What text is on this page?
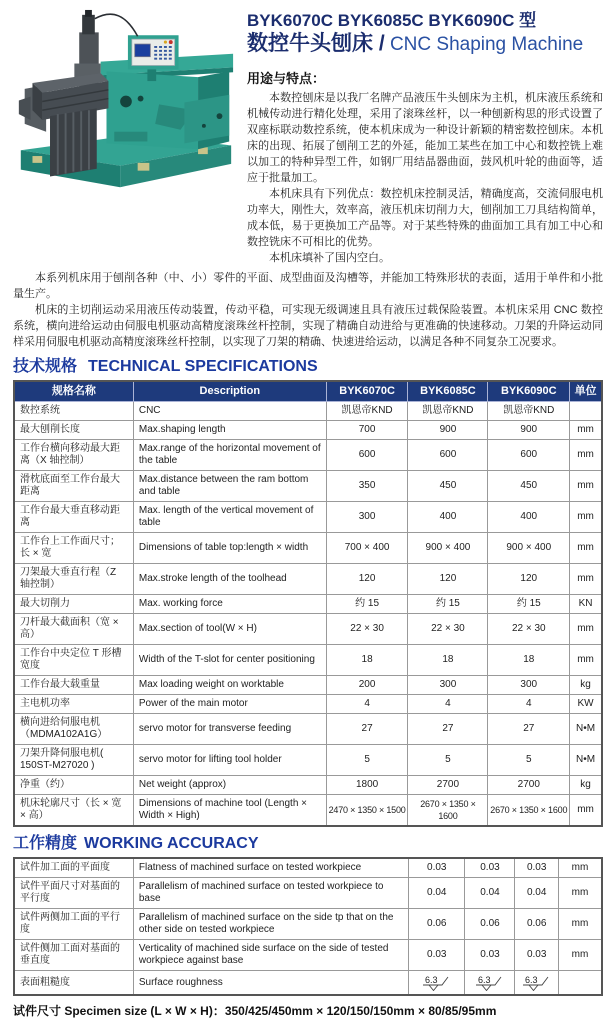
BYK6070C BYK6085C BYK6090C 型
数控牛头刨床 / CNC Shaping Machine
用途与特点：

本数控刨床是以我厂名牌产品液压牛头刨床为主机，机床液压系统和机械传动进行精化处理，采用了滚珠丝杆，以一种刨新构思的形式设置了双座标联动数控系统，使本机床成为一种设计新颖的精密数控刨床。本机床的出现、拓展了刨削工艺的外延，能加工某些在加工中心和数控铣上难以加工的特种异型工件，如钢厂用结晶器曲面，鼓风机叶轮的曲面等，适应于批量加工。

本机床具有下列优点：数控机床控制灵活，精确度高，交流伺服电机功率大，刚性大，效率高，液压机床切削力大，刨削加工刀具结构简单，成本低，易于更换加工产品等。对于某些特殊的曲面加工具有加工中心和数控铣床不可相比的优势。

本机床填补了国内空白。

本系列机床用于刨削各种（中、小）零件的平面、成型曲面及沟槽等，并能加工特殊形状的表面，适用于单件和小批量生产。

机床的主切削运动采用液压传动装置，传动平稳，可实现无级调速且具有液压过载保险装置。本机床采用 CNC 数控系统，横向进给运动由伺服电机驱动高精度滚珠丝杆控制，实现了精确自动进给与更准确的快速移动。刀架的升降运动同样采用伺服电机驱动高精度滚珠丝杆控制，以实现了刀架的精确、快速进给运动，以满足各种不同复杂工况要求。

技术规格 TECHNICAL SPECIFICATIONS
规格名称	Description	BYK6070C	BYK6085C	BYK6090C	单位
数控系统	CNC	凯恩帝KND	凯恩帝KND	凯恩帝KND	
最大刨削长度	Max.shaping length	700	900	900	mm
工作台横向移动最大距离（X 轴控制）	Max.range of the horizontal movement of the table	600	600	600	mm
滑枕底面至工作台最大距离	Max.distance between the ram bottom and table	350	450	450	mm
工作台最大垂直移动距离	Max. length of the vertical movement of table	300	400	400	mm
工作台上工作面尺寸；长 × 宽	Dimensions of table top:length × width	700 × 400	900 × 400	900 × 400	mm
刀架最大垂直行程（Z 轴控制）	Max.stroke length of the toolhead	120	120	120	mm
最大切削力	Max. working force	约 15	约 15	约 15	KN
刀杆最大截面积（宽 × 高）	Max.section of tool(W × H)	22 × 30	22 × 30	22 × 30	mm
工作台中央定位 T 形槽宽度	Width of the T-slot for center positioning	18	18	18	mm
工作台最大载重量	Max loading weight on worktable	200	300	300	kg
主电机功率	Power of the main motor	4	4	4	KW
横向进给伺服电机（MDMA102A1G）	servo motor for transverse feeding	27	27	27	N•M
刀架升降伺服电机( 150ST-M27020 )	servo motor for lifting tool holder	5	5	5	N•M
净重（约）	Net weight (approx)	1800	2700	2700	kg
机床轮廓尺寸（长 × 宽 × 高）	Dimensions of machine tool (Length × Width × High)	2470 × 1350 × 1500	2670 × 1350 × 1600	2670 × 1350 × 1600	mm
工作精度 WORKING ACCURACY
试件加工面的平面度	Flatness of machined surface on tested workpiece	0.03	0.03	0.03	mm
试件平面尺寸对基面的平行度	Parallelism of machined surface on tested workpiece to base	0.04	0.04	0.04	mm
试件两侧加工面的平行 度	Parallelism of machined surface on the side tp that on the other side on tested workpiece	0.06	0.06	0.06	mm
试件侧加工面对基面的垂直度	Verticality of machined side surface on the side of tested workpiece against base	0.03	0.03	0.03	mm
表面粗糙度	Surface roughness	6.3	6.3	6.3	

试件尺寸 Specimen size (L × W × H)：350/425/450mm × 120/150/150mm × 80/85/95mm
